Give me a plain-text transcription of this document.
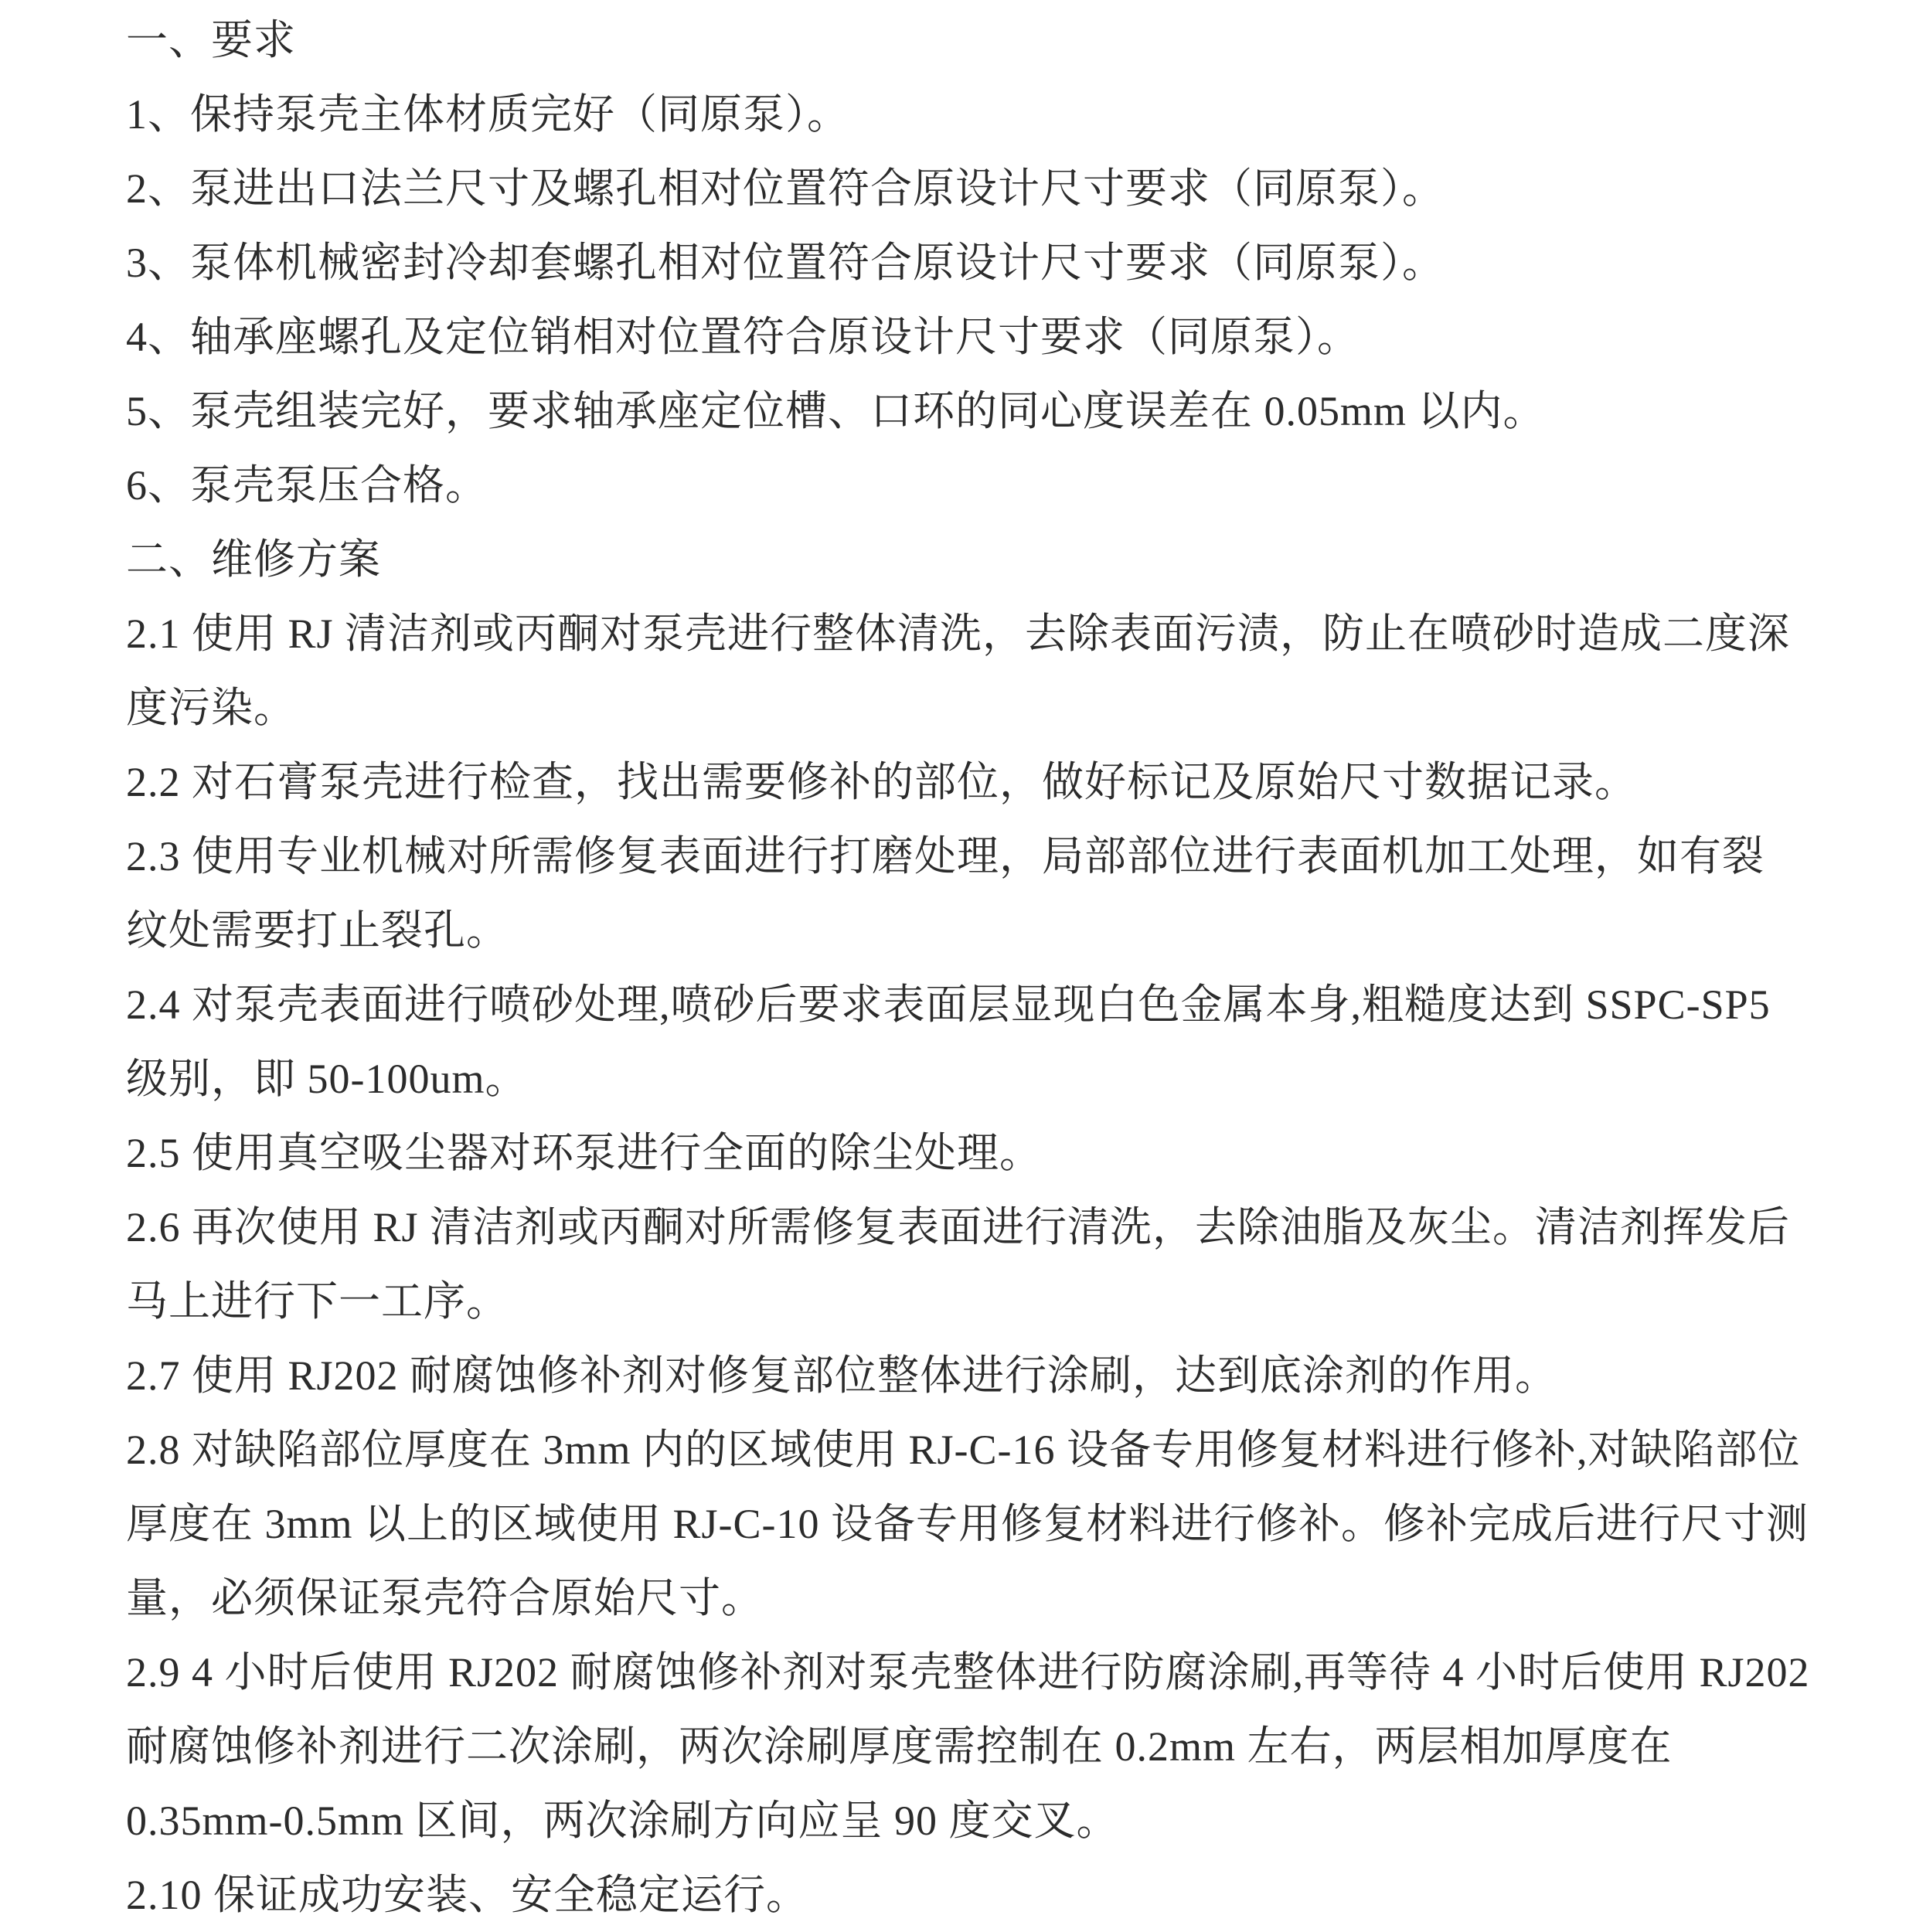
一、要求
1、保持泵壳主体材质完好（同原泵）。
2、泵进出口法兰尺寸及螺孔相对位置符合原设计尺寸要求（同原泵）。
3、泵体机械密封冷却套螺孔相对位置符合原设计尺寸要求（同原泵）。
4、轴承座螺孔及定位销相对位置符合原设计尺寸要求（同原泵）。
5、泵壳组装完好，要求轴承座定位槽、口环的同心度误差在 0.05mm 以内。
6、泵壳泵压合格。
二、维修方案
2.1 使用 RJ 清洁剂或丙酮对泵壳进行整体清洗，去除表面污渍，防止在喷砂时造成二度深
度污染。
2.2 对石膏泵壳进行检查，找出需要修补的部位，做好标记及原始尺寸数据记录。
2.3 使用专业机械对所需修复表面进行打磨处理，局部部位进行表面机加工处理，如有裂
纹处需要打止裂孔。
2.4 对泵壳表面进行喷砂处理,喷砂后要求表面层显现白色金属本身,粗糙度达到 SSPC-SP5
级别，即 50-100um。
2.5 使用真空吸尘器对环泵进行全面的除尘处理。
2.6 再次使用 RJ 清洁剂或丙酮对所需修复表面进行清洗，去除油脂及灰尘。清洁剂挥发后
马上进行下一工序。
2.7 使用 RJ202 耐腐蚀修补剂对修复部位整体进行涂刷，达到底涂剂的作用。
2.8 对缺陷部位厚度在 3mm 内的区域使用 RJ-C-16 设备专用修复材料进行修补,对缺陷部位
厚度在 3mm 以上的区域使用 RJ-C-10 设备专用修复材料进行修补。修补完成后进行尺寸测
量，必须保证泵壳符合原始尺寸。
2.9 4 小时后使用 RJ202 耐腐蚀修补剂对泵壳整体进行防腐涂刷,再等待 4 小时后使用 RJ202
耐腐蚀修补剂进行二次涂刷，两次涂刷厚度需控制在 0.2mm 左右，两层相加厚度在
0.35mm-0.5mm 区间，两次涂刷方向应呈 90 度交叉。
2.10 保证成功安装、安全稳定运行。
